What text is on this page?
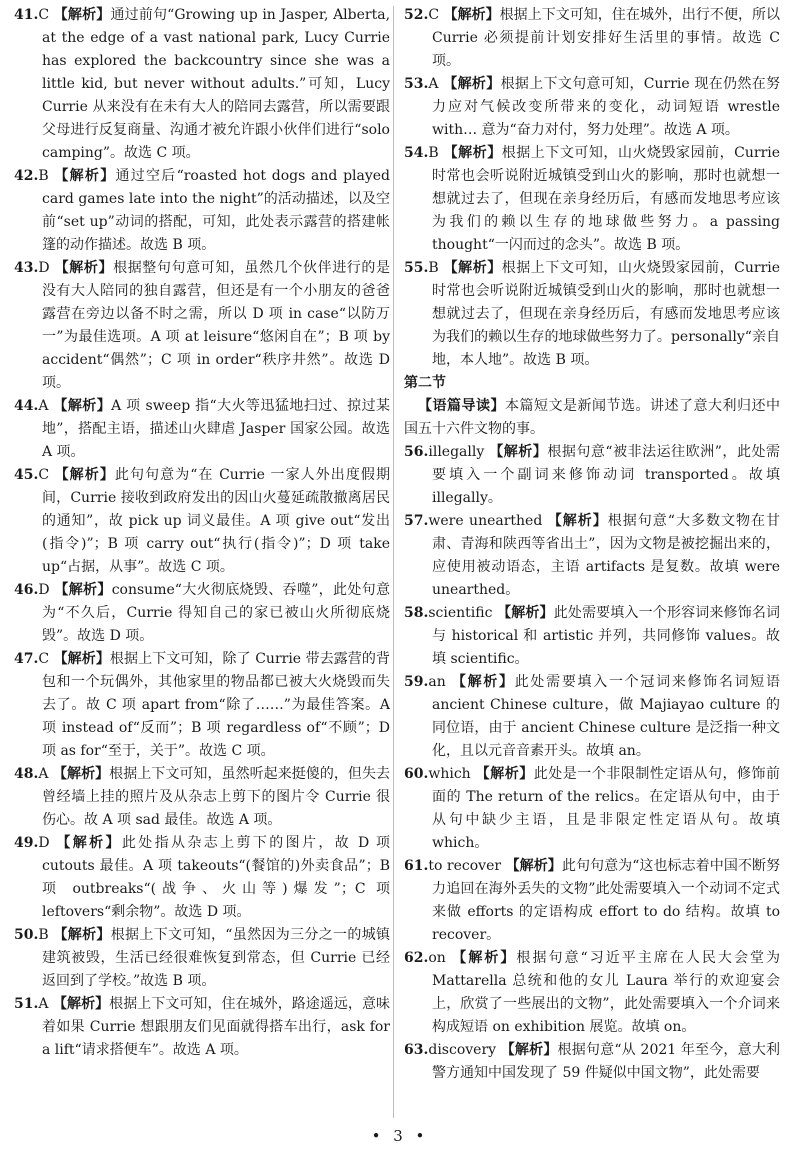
41.C 【解析】通过前句“Growing up in Jasper, Alberta, at the edge of a vast national park, Lucy Currie has explored the backcountry since she was a little kid, but never without adults.”可知，Lucy Currie 从来没有在未有大人的陪同去露营，所以需要跟父母进行反复商量、沟通才被允许跟小伙伴们进行“solo camping”。故选 C 项。

42.B 【解析】通过空后“roasted hot dogs and played card games late into the night”的活动描述，以及空前“set up”动词的搭配，可知，此处表示露营的搭建帐篷的动作描述。故选 B 项。

43.D 【解析】根据整句句意可知，虽然几个伙伴进行的是没有大人陪同的独自露营，但还是有一个小朋友的爸爸露营在旁边以备不时之需，所以 D 项 in case“以防万一”为最佳选项。A 项 at leisure“悠闲自在”；B 项 by accident“偶然”；C 项 in order“秩序井然”。故选 D 项。

44.A 【解析】A 项 sweep 指“大火等迅猛地扫过、掠过某地”，搭配主语，描述山火肆虐 Jasper 国家公园。故选 A 项。

45.C 【解析】此句句意为“在 Currie 一家人外出度假期间，Currie 接收到政府发出的因山火蔓延疏散撤离居民的通知”，故 pick up 词义最佳。A 项 give out“发出(指令)”；B 项 carry out“执行(指令)”；D 项 take up“占据，从事”。故选 C 项。

46.D 【解析】consume“大火彻底烧毁、吞噬”，此处句意为“不久后，Currie 得知自己的家已被山火所彻底烧毁”。故选 D 项。

47.C 【解析】根据上下文可知，除了 Currie 带去露营的背包和一个玩偶外，其他家里的物品都已被大火烧毁而失去了。故 C 项 apart from“除了……”为最佳答案。A 项 instead of“反而”；B 项 regardless of“不顾”；D 项 as for“至于，关于”。故选 C 项。

48.A 【解析】根据上下文可知，虽然听起来挺傻的，但失去曾经墙上挂的照片及从杂志上剪下的图片令 Currie 很伤心。故 A 项 sad 最佳。故选 A 项。

49.D 【解析】此处指从杂志上剪下的图片，故 D 项 cutouts 最佳。A 项 takeouts“(餐馆的)外卖食品”；B 项 outbreaks“(战争、火山等)爆发”；C 项 leftovers“剩余物”。故选 D 项。

50.B 【解析】根据上下文可知，“虽然因为三分之一的城镇建筑被毁，生活已经很难恢复到常态，但 Currie 已经返回到了学校。”故选 B 项。

51.A 【解析】根据上下文可知，住在城外，路途遥远，意味着如果 Currie 想跟朋友们见面就得搭车出行，ask for a lift“请求搭便车”。故选 A 项。

52.C 【解析】根据上下文可知，住在城外，出行不便，所以 Currie 必须提前计划安排好生活里的事情。故选 C 项。

53.A 【解析】根据上下文句意可知，Currie 现在仍然在努力应对气候改变所带来的变化，动词短语 wrestle with… 意为“奋力对付，努力处理”。故选 A 项。

54.B 【解析】根据上下文可知，山火烧毁家园前，Currie 时常也会听说附近城镇受到山火的影响，那时也就想一想就过去了，但现在亲身经历后，有感而发地思考应该为我们的赖以生存的地球做些努力。a passing thought“一闪而过的念头”。故选 B 项。

55.B 【解析】根据上下文可知，山火烧毁家园前，Currie 时常也会听说附近城镇受到山火的影响，那时也就想一想就过去了，但现在亲身经历后，有感而发地思考应该为我们的赖以生存的地球做些努力了。personally“亲自地，本人地”。故选 B 项。

第二节

【语篇导读】本篇短文是新闻节选。讲述了意大利归还中国五十六件文物的事。

56.illegally 【解析】根据句意“被非法运往欧洲”，此处需要填入一个副词来修饰动词 transported。故填 illegally。

57.were unearthed 【解析】根据句意“大多数文物在甘肃、青海和陕西等省出土”，因为文物是被挖掘出来的，应使用被动语态，主语 artifacts 是复数。故填 were unearthed。

58.scientific 【解析】此处需要填入一个形容词来修饰名词与 historical 和 artistic 并列，共同修饰 values。故填 scientific。

59.an 【解析】此处需要填入一个冠词来修饰名词短语 ancient Chinese culture，做 Majiayao culture 的同位语，由于 ancient Chinese culture 是泛指一种文化，且以元音音素开头。故填 an。

60.which 【解析】此处是一个非限制性定语从句，修饰前面的 The return of the relics。在定语从句中，由于从句中缺少主语，且是非限定性定语从句。故填 which。

61.to recover 【解析】此句句意为“这也标志着中国不断努力追回在海外丢失的文物”此处需要填入一个动词不定式来做 efforts 的定语构成 effort to do 结构。故填 to recover。

62.on 【解析】根据句意“习近平主席在人民大会堂为 Mattarella 总统和他的女儿 Laura 举行的欢迎宴会上，欣赏了一些展出的文物”，此处需要填入一个介词来构成短语 on exhibition 展览。故填 on。

63.discovery 【解析】根据句意“从 2021 年至今，意大利警方通知中国发现了 59 件疑似中国文物”，此处需要

• 3 •
